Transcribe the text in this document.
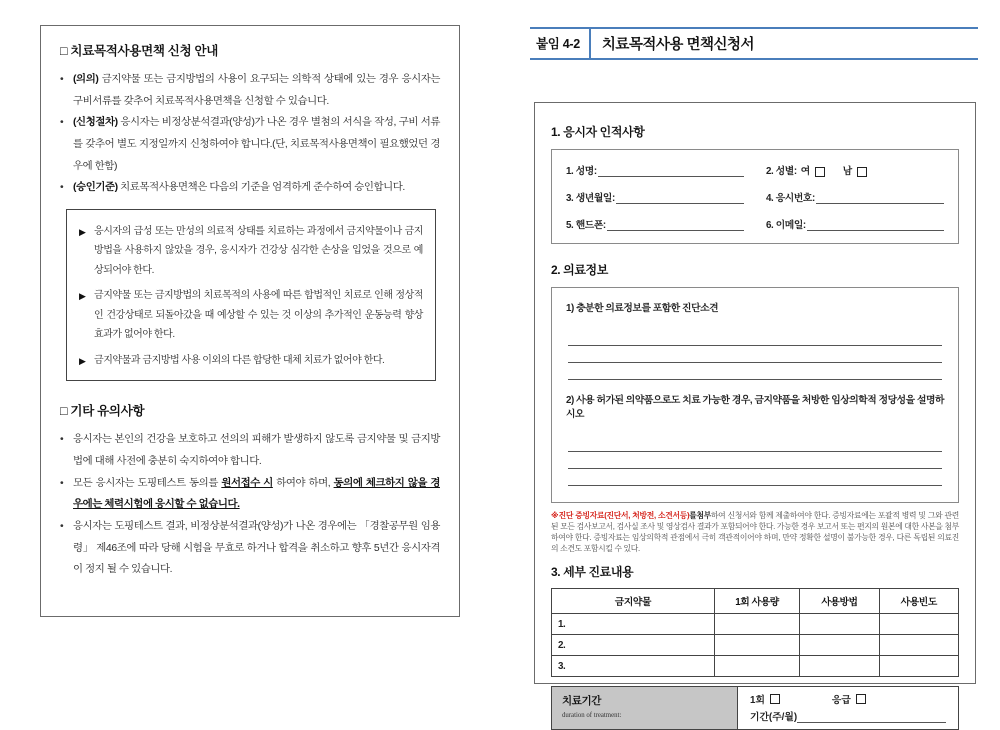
□ 치료목적사용면책 신청 안내
• (의의) 금지약물 또는 금지방법의 사용이 요구되는 의학적 상태에 있는 경우 응시자는 구비서류를 갖추어 치료목적사용면책을 신청할 수 있습니다.
• (신청절차) 응시자는 비정상분석결과(양성)가 나온 경우 별첨의 서식을 작성, 구비 서류를 갖추어 별도 지정일까지 신청하여야 합니다.(단, 치료목적사용면책이 필요했었던 경우에 한함)
• (승인기준) 치료목적사용면책은 다음의 기준을 엄격하게 준수하여 승인합니다.
▶ 응시자의 급성 또는 만성의 의료적 상태를 치료하는 과정에서 금지약물이나 금지방법을 사용하지 않았을 경우, 응시자가 건강상 심각한 손상을 입었을 것으로 예상되어야 한다.
▶ 금지약물 또는 금지방법의 치료목적의 사용에 따른 합법적인 치료로 인해 정상적인 건강상태로 되돌아갔을 때 예상할 수 있는 것 이상의 추가적인 운동능력 향상효과가 없어야 한다.
▶ 금지약물과 금지방법 사용 이외의 다른 합당한 대체 치료가 없어야 한다.
□ 기타 유의사항
• 응시자는 본인의 건강을 보호하고 선의의 피해가 발생하지 않도록 금지약물 및 금지방법에 대해 사전에 충분히 숙지하여야 합니다.
• 모든 응시자는 도핑테스트 동의를 원서접수 시 하여야 하며, 동의에 체크하지 않을 경우에는 체력시험에 응시할 수 없습니다.
• 응시자는 도핑테스트 결과, 비정상분석결과(양성)가 나온 경우에는 「경찰공무원 임용령」 제46조에 따라 당해 시험을 무효로 하거나 합격을 취소하고 향후 5년간 응시자격이 정지 될 수 있습니다.
붙임 4-2	치료목적사용 면책신청서
1. 응시자 인적사항
1. 성명:	2. 성별: 여	남
3. 생년월일:	4. 응시번호:
5. 핸드폰:	6. 이메일:
2. 의료정보
1) 충분한 의료정보를 포함한 진단소견
2) 사용 허가된 의약품으로도 치료 가능한 경우, 금지약품을 처방한 임상의학적 정당성을 설명하시오
※진단 증빙자료(진단서, 처방전, 소견서등)를첨부하여 신청서와 함께 제출하여야 한다. 증빙자료에는 포괄적 병력 및 그와 관련된 모든 검사보고서, 검사실 조사 및 영상검사 결과가 포함되어야 한다. 가능한 경우 보고서 또는 편지의 원본에 대한 사본을 첨부하여야 한다. 증빙자료는 임상의학적 관점에서 극히 객관적이어야 하며, 만약 정확한 설명이 불가능한 경우, 다른 독립된 의료진의 소견도 포함시킬 수 있다.
3. 세부 진료내용
금지약물	1회 사용량	사용방법	사용빈도
1.			
2.			
3.			
치료기간
duration of treatment:
1회	응급
기간(주/월)
